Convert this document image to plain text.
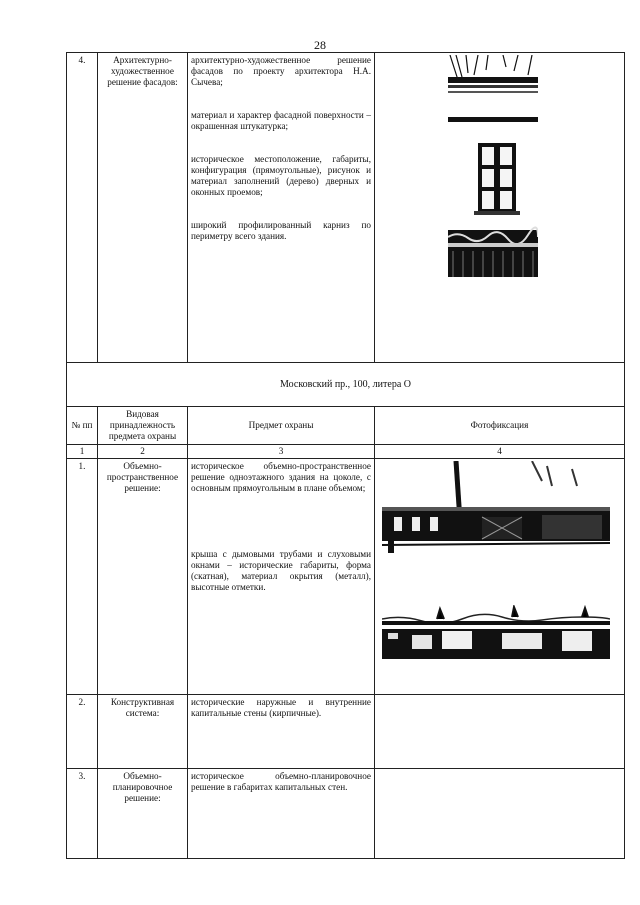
28
4.	Архитектурно-художественное решение фасадов:	архитектурно-художественное решение фасадов по проекту архитектора Н.А. Сычева;

материал и характер фасадной поверхности – окрашенная штукатурка;

историческое местоположение, габариты, конфигурация (прямоугольные), рисунок и материал заполнений (дерево) дверных и оконных проемов;

широкий профилированный карниз по периметру всего здания.

Московский пр., 100, литера О			
№ пп	Видовая принадлежность предмета охраны	Предмет охраны	Фотофиксация
1	2	3	4
1.	Объемно-пространственное решение:	историческое объемно-пространственное решение одноэтажного здания на цоколе, с основным прямоугольным в плане объемом;

крыша с дымовыми трубами и слуховыми окнами – исторические габариты, форма (скатная), материал окрытия (металл), высотные отметки.

2.	Конструктивная система:	исторические наружные и внутренние капитальные стены (кирпичные).	

3.	Объемно-планировочное решение:	историческое объемно-планировочное решение в габаритах капитальных стен.	
